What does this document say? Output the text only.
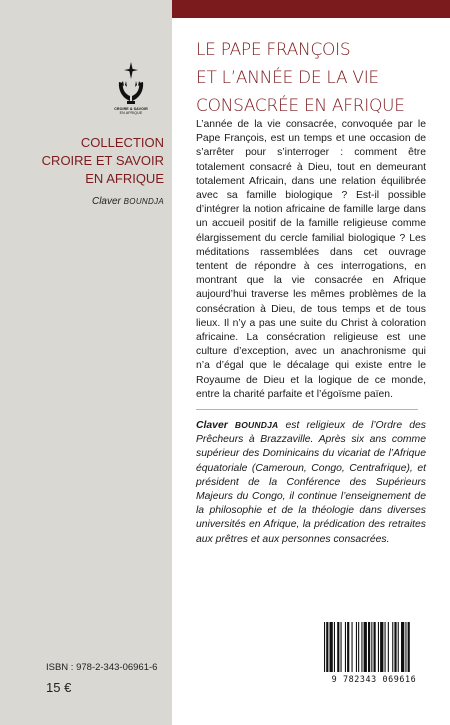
CROIRE & SAVOIR
EN AFRIQUE
COLLECTION
CROIRE ET SAVOIR
EN AFRIQUE
Claver BOUNDJA
ISBN : 978-2-343-06961-6
15 €
LE PAPE FRANÇOIS
ET L’ANNÉE DE LA VIE
CONSACRÉE EN AFRIQUE
L’année de la vie consacrée, convoquée par le Pape François, est un temps et une occasion de s’arrêter pour s’interroger : comment être totalement consacré à Dieu, tout en demeurant totalement Africain, dans une relation équilibrée avec sa famille biologique ? Est-il possible d’intégrer la notion africaine de famille large dans un accueil positif de la famille religieuse comme élargissement du cercle familial biologique ? Les méditations rassemblées dans cet ouvrage tentent de répondre à ces interrogations, en montrant que la vie consacrée en Afrique aujourd’hui traverse les mêmes problèmes de la consécration à Dieu, de tous temps et de tous lieux. Il n’y a pas une suite du Christ à coloration africaine. La consécration religieuse est une culture d’exception, avec un anachronisme qui n’a d’égal que le décalage qui existe entre le Royaume de Dieu et la logique de ce monde, entre la charité parfaite et l’égoïsme païen.
Claver BOUNDJA est religieux de l’Ordre des Prêcheurs à Brazzaville. Après six ans comme supérieur des Dominicains du vicariat de l’Afrique équatoriale (Cameroun, Congo, Centrafrique), et président de la Conférence des Supérieurs Majeurs du Congo, il continue l’enseignement de la philosophie et de la théologie dans diverses universités en Afrique, la prédication des retraites aux prêtres et aux personnes consacrées.
9 782343 069616
